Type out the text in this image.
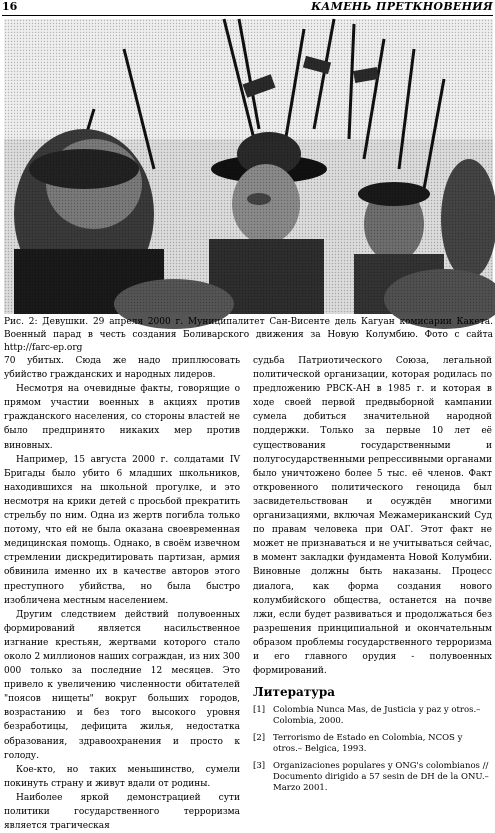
16	КАМЕНЬ ПРЕТКНОВЕНИЯ
Рис. 2: Девушки. 29 апреля 2000 г. Муниципалитет Сан-Висенте дель Кагуан комисарии Какета. Военный парад в честь создания Боливарского движения за Новую Колумбию. Фото с сайта http://farc-ep.org

70 убитых. Сюда же надо приплюсовать убийство гражданских и народных лидеров.

Несмотря на очевидные факты, говорящие о прямом участии военных в акциях против гражданского населения, со стороны властей не было предпринято никаких мер против виновных.

Например, 15 августа 2000 г. солдатами IV Бригады было убито 6 младших школьников, находившихся на школьной прогулке, и это несмотря на крики детей с просьбой прекратить стрельбу по ним. Одна из жертв погибла только потому, что ей не была оказана своевременная медицинская помощь. Однако, в своём извечном стремлении дискредитировать партизан, армия обвинила именно их в качестве авторов этого преступного убийства, но была быстро изобличена местным населением.

Другим следствием действий полувоенных формирований является насильственное изгнание крестьян, жертвами которого стало около 2 миллионов наших сограждан, из них 300 000 только за последние 12 месяцев. Это привело к увеличению численности обитателей "поясов нищеты" вокруг больших городов, возрастанию и без того высокого уровня безработицы, дефицита жилья, недостатка образования, здравоохранения и просто к голоду.

Кое-кто, но таких меньшинство, сумели покинуть страну и живут вдали от родины.

Наиболее яркой демонстрацией сути политики государственного терроризма является трагическая

судьба Патриотического Союза, легальной политической организации, которая родилась по предложению РВСК-АН в 1985 г. и которая в ходе своей первой предвыборной кампании сумела добиться значительной народной поддержки. Только за первые 10 лет её существования государственными и полугосударственными репрессивными органами было уничтожено более 5 тыс. её членов. Факт откровенного политического геноцида был засвидетельствован и осуждён многими организациями, включая Межамериканский Суд по правам человека при ОАГ. Этот факт не может не признаваться и не учитываться сейчас, в момент закладки фундамента Новой Колумбии. Виновные должны быть наказаны. Процесс диалога, как форма создания нового колумбийского общества, останется на почве лжи, если будет развиваться и продолжаться без разрешения принципиальной и окончательным образом проблемы государственного терроризма и его главного орудия - полувоенных формирований.

Литература
[1] Colombia Nunca Mas, de Justicia y paz y otros.– Colombia, 2000.
[2] Terrorismo de Estado en Colombia, NCOS y otros.– Belgica, 1993.
[3] Organizaciones populares y ONG's colombianos // Documento dirigido a 57 sesin de DH de la ONU.– Marzo 2001.
